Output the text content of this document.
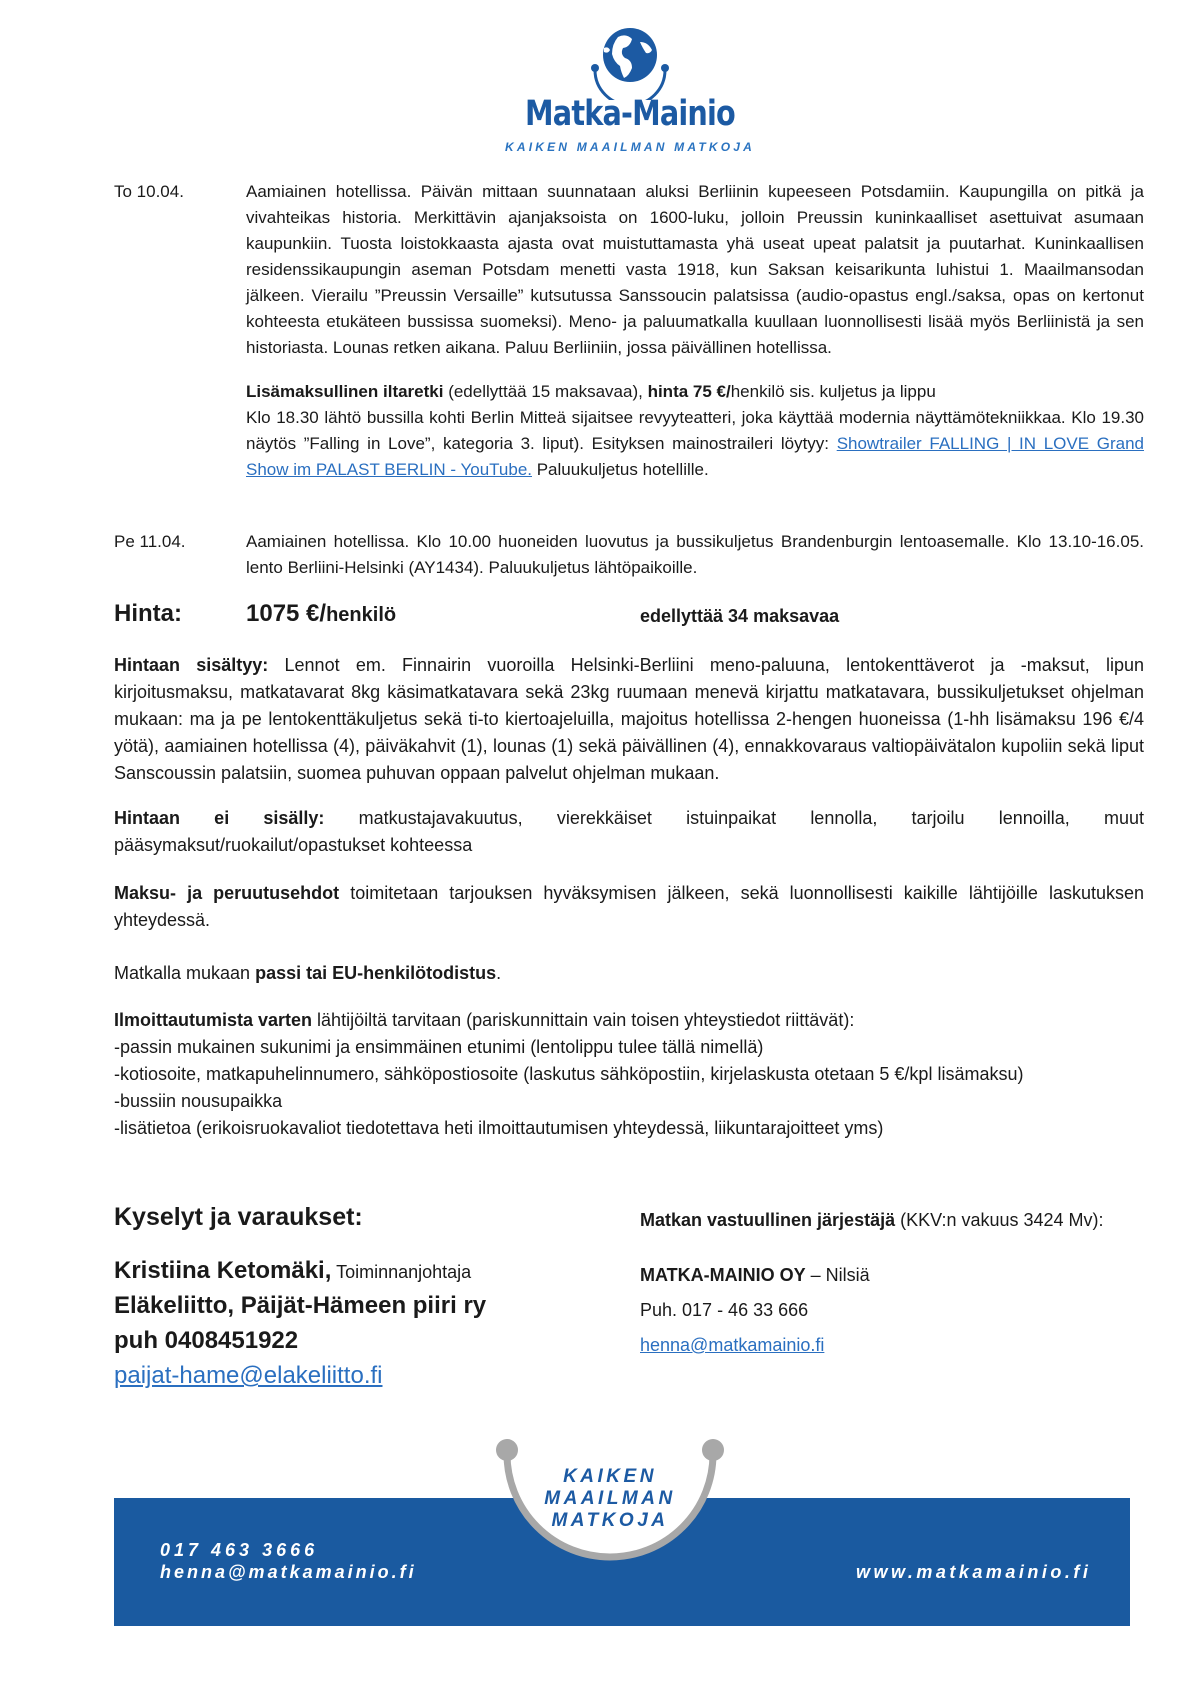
Matka-Mainio
KAIKEN MAAILMAN MATKOJA
To 10.04.	Aamiainen hotellissa. Päivän mittaan suunnataan aluksi Berliinin kupeeseen Potsdamiin. Kaupungilla on pitkä ja vivahteikas historia. Merkittävin ajanjaksoista on 1600-luku, jolloin Preussin kuninkaalliset asettuivat asumaan kaupunkiin. Tuosta loistokkaasta ajasta ovat muistuttamasta yhä useat upeat palatsit ja puutarhat. Kuninkaallisen residenssikaupungin aseman Potsdam menetti vasta 1918, kun Saksan keisarikunta luhistui 1. Maailmansodan jälkeen. Vierailu ”Preussin Versaille” kutsutussa Sanssoucin palatsissa (audio-opastus engl./saksa, opas on kertonut kohteesta etukäteen bussissa suomeksi). Meno- ja paluumatkalla kuullaan luonnollisesti lisää myös Berliinistä ja sen historiasta. Lounas retken aikana. Paluu Berliiniin, jossa päivällinen hotellissa.

Lisämaksullinen iltaretki (edellyttää 15 maksavaa), hinta 75 €/henkilö sis. kuljetus ja lippu
Klo 18.30 lähtö bussilla kohti Berlin Mitteä sijaitsee revyyteatteri, joka käyttää modernia näyttämötekniikkaa. Klo 19.30 näytös ”Falling in Love”, kategoria 3. liput). Esityksen mainostraileri löytyy: Showtrailer FALLING | IN LOVE Grand Show im PALAST BERLIN - YouTube. Paluukuljetus hotellille.

Pe 11.04.	Aamiainen hotellissa. Klo 10.00 huoneiden luovutus ja bussikuljetus Brandenburgin lentoasemalle. Klo 13.10-16.05. lento Berliini-Helsinki (AY1434). Paluukuljetus lähtöpaikoille.

Hinta:	1075 €/henkilö	edellyttää 34 maksavaa

Hintaan sisältyy: Lennot em. Finnairin vuoroilla Helsinki-Berliini meno-paluuna, lentokenttäverot ja -maksut, lipun kirjoitusmaksu, matkatavarat 8kg käsimatkatavara sekä 23kg ruumaan menevä kirjattu matkatavara, bussikuljetukset ohjelman mukaan: ma ja pe lentokenttäkuljetus sekä ti-to kiertoajeluilla, majoitus hotellissa 2-hengen huoneissa (1-hh lisämaksu 196 €/4 yötä), aamiainen hotellissa (4), päiväkahvit (1), lounas (1) sekä päivällinen (4), ennakkovaraus valtiopäivätalon kupoliin sekä liput Sanscoussin palatsiin, suomea puhuvan oppaan palvelut ohjelman mukaan.

Hintaan ei sisälly: matkustajavakuutus, vierekkäiset istuinpaikat lennolla, tarjoilu lennoilla, muut pääsymaksut/ruokailut/opastukset kohteessa

Maksu- ja peruutusehdot toimitetaan tarjouksen hyväksymisen jälkeen, sekä luonnollisesti kaikille lähtijöille laskutuksen yhteydessä.

Matkalla mukaan passi tai EU-henkilötodistus.

Ilmoittautumista varten lähtijöiltä tarvitaan (pariskunnittain vain toisen yhteystiedot riittävät):

-passin mukainen sukunimi ja ensimmäinen etunimi (lentolippu tulee tällä nimellä)

-kotiosoite, matkapuhelinnumero, sähköpostiosoite (laskutus sähköpostiin, kirjelaskusta otetaan 5 €/kpl lisämaksu)

-bussiin nousupaikka

-lisätietoa (erikoisruokavaliot tiedotettava heti ilmoittautumisen yhteydessä, liikuntarajoitteet yms)

Kyselyt ja varaukset:
Kristiina Ketomäki, Toiminnanjohtaja
Eläkeliitto, Päijät-Hämeen piiri ry
puh 0408451922
paijat-hame@elakeliitto.fi
Matkan vastuullinen järjestäjä (KKV:n vakuus 3424 Mv):
MATKA-MAINIO OY – Nilsiä
Puh. 017 - 46 33 666
henna@matkamainio.fi
KAIKEN
MAAILMAN
MATKOJA
017 463 3666
henna@matkamainio.fi	www.matkamainio.fi
